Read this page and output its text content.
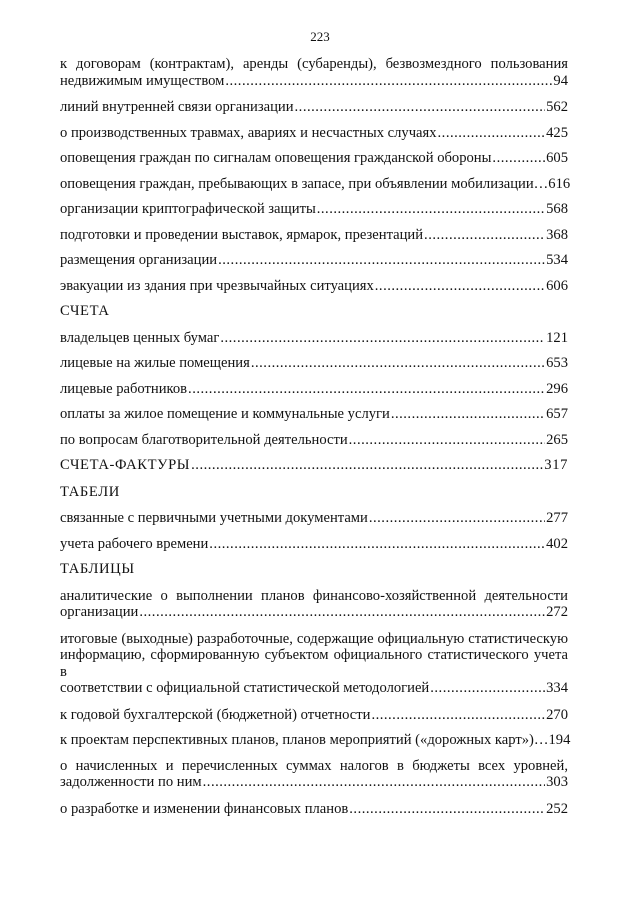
223
к договорам (контрактам), аренды (субаренды), безвозмездного пользования
недвижимым имуществом .....	94
линий внутренней связи организации .....	562
о производственных травмах, авариях и несчастных случаях .....	425
оповещения граждан по сигналам оповещения гражданской обороны .....	605
оповещения граждан, пребывающих в запасе, при объявлении мобилизации… 616
организации криптографической защиты .....	568
подготовки и проведении выставок, ярмарок, презентаций .....	368
размещения организации .....	534
эвакуации из здания при чрезвычайных ситуациях .....	606
СЧЕТА
владельцев ценных бумаг .....	121
лицевые на жилые помещения .....	653
лицевые работников .....	296
оплаты за жилое помещение и коммунальные услуги .....	657
по вопросам благотворительной деятельности .....	265
СЧЕТА-ФАКТУРЫ .....	317
ТАБЕЛИ
связанные с первичными учетными документами .....	277
учета рабочего времени .....	402
ТАБЛИЦЫ
аналитические о выполнении планов финансово-хозяйственной деятельности
организации .....	272
итоговые (выходные) разработочные, содержащие официальную статистическую
информацию, сформированную субъектом официального статистического учета в
соответствии с официальной статистической методологией .....	334
к годовой бухгалтерской (бюджетной) отчетности .....	270
к проектам перспективных планов, планов мероприятий («дорожных карт»)… 194
о начисленных и перечисленных суммах налогов в бюджеты всех уровней,
задолженности по ним .....	303
о разработке и изменении финансовых планов .....	252
